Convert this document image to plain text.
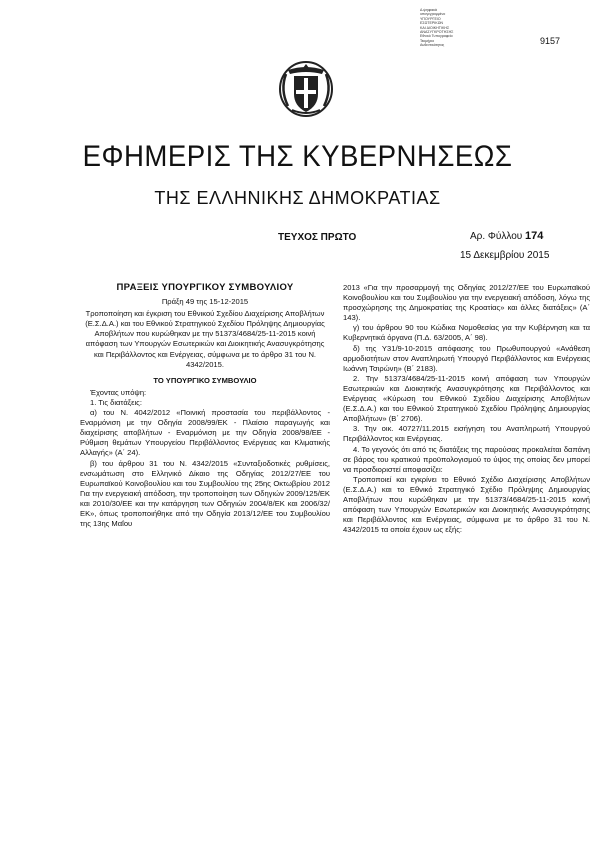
Δ.ψηφιακά
υπογεγραμμένο
ΥΠΟΥΡΓΕΙΟ
ΕΣΩΤΕΡΙΚΩΝ
ΚΑΙ ΔΙΟΙΚΗΤΙΚΗΣ
ΑΝΑΣΥΓΚΡΟΤΗΣΗΣ
Εθνικό Τυπογραφείο
Τεκμήριο
Αυθεντικότητας	9157
ΕΦΗΜΕΡΙΣ ΤΗΣ ΚΥΒΕΡΝΗΣΕΩΣ
ΤΗΣ ΕΛΛΗΝΙΚΗΣ ΔΗΜΟΚΡΑΤΙΑΣ
ΤΕΥΧΟΣ ΠΡΩΤΟ	Αρ. Φύλλου 174
15 Δεκεμβρίου 2015

ΠΡΑΞΕΙΣ ΥΠΟΥΡΓΙΚΟΥ ΣΥΜΒΟΥΛΙΟΥ

Πράξη 49 της 15-12-2015

Τροποποίηση και έγκριση του Εθνικού Σχεδίου Διαχείρισης Αποβλήτων (Ε.Σ.Δ.Α.) και του Εθνικού Στρατηγικού Σχεδίου Πρόληψης Δημιουργίας Αποβλήτων που κυρώθηκαν με την 51373/4684/25-11-2015 κοινή απόφαση των Υπουργών Εσωτερικών και Διοικητικής Ανασυγκρότησης και Περιβάλλοντος και Ενέργειας, σύμφωνα με το άρθρο 31 του Ν. 4342/2015.

ΤΟ ΥΠΟΥΡΓΙΚΟ ΣΥΜΒΟΥΛΙΟ

Έχοντας υπόψη:

1. Τις διατάξεις:

α) του Ν. 4042/2012 «Ποινική προστασία του περιβάλλοντος - Εναρμόνιση με την Οδηγία 2008/99/ΕΚ - Πλαίσιο παραγωγής και διαχείρισης αποβλήτων - Εναρμόνιση με την Οδηγία 2008/98/ΕΕ - Ρύθμιση θεμάτων Υπουργείου Περιβάλλοντος Ενέργειας και Κλιματικής Αλλαγής» (Α΄ 24).

β) του άρθρου 31 του Ν. 4342/2015 «Συνταξιοδοτικές ρυθμίσεις, ενσωμάτωση στο Ελληνικό Δίκαιο της Οδηγίας 2012/27/ΕΕ του Ευρωπαϊκού Κοινοβουλίου και του Συμβουλίου της 25ης Οκτωβρίου 2012 Για την ενεργειακή απόδοση, την τροποποίηση των Οδηγιών 2009/125/ΕΚ και 2010/30/ΕΕ και την κατάργηση των Οδηγιών 2004/8/ΕΚ και 2006/32/ΕΚ», όπως τροποποιήθηκε από την Οδηγία 2013/12/ΕΕ του Συμβουλίου της 13ης Μαΐου

2013 «Για την προσαρμογή της Οδηγίας 2012/27/ΕΕ του Ευρωπαϊκού Κοινοβουλίου και του Συμβουλίου για την ενεργειακή απόδοση, λόγω της προσχώρησης της Δημοκρατίας της Κροατίας» και άλλες διατάξεις» (Α΄ 143).

γ) του άρθρου 90 του Κώδικα Νομοθεσίας για την Κυβέρνηση και τα Κυβερνητικά όργανα (Π.Δ. 63/2005, Α΄ 98).

δ) της Υ31/9-10-2015 απόφασης του Πρωθυπουργού «Ανάθεση αρμοδιοτήτων στον Αναπληρωτή Υπουργό Περιβάλλοντος και Ενέργειας Ιωάννη Τσιρώνη» (Β΄ 2183).

2. Την 51373/4684/25-11-2015 κοινή απόφαση των Υπουργών Εσωτερικών και Διοικητικής Ανασυγκρότησης και Περιβάλλοντος και Ενέργειας «Κύρωση του Εθνικού Σχεδίου Διαχείρισης Αποβλήτων (Ε.Σ.Δ.Α.) και του Εθνικού Στρατηγικού Σχεδίου Πρόληψης Δημιουργίας Αποβλήτων» (Β΄ 2706).

3. Την οικ. 40727/11.2015 εισήγηση του Αναπληρωτή Υπουργού Περιβάλλοντος και Ενέργειας.

4. Το γεγονός ότι από τις διατάξεις της παρούσας προκαλείται δαπάνη σε βάρος του κρατικού προϋπολογισμού το ύψος της οποίας δεν μπορεί να προσδιοριστεί αποφασίζει:

Τροποποιεί και εγκρίνει το Εθνικό Σχέδιο Διαχείρισης Αποβλήτων (Ε.Σ.Δ.Α.) και το Εθνικό Στρατηγικό Σχέδιο Πρόληψης Δημιουργίας Αποβλήτων που κυρώθηκαν με την 51373/4684/25-11-2015 κοινή απόφαση των Υπουργών Εσωτερικών και Διοικητικής Ανασυγκρότησης και Περιβάλλοντος και Ενέργειας, σύμφωνα με το άρθρο 31 του Ν. 4342/2015 τα οποία έχουν ως εξής:
